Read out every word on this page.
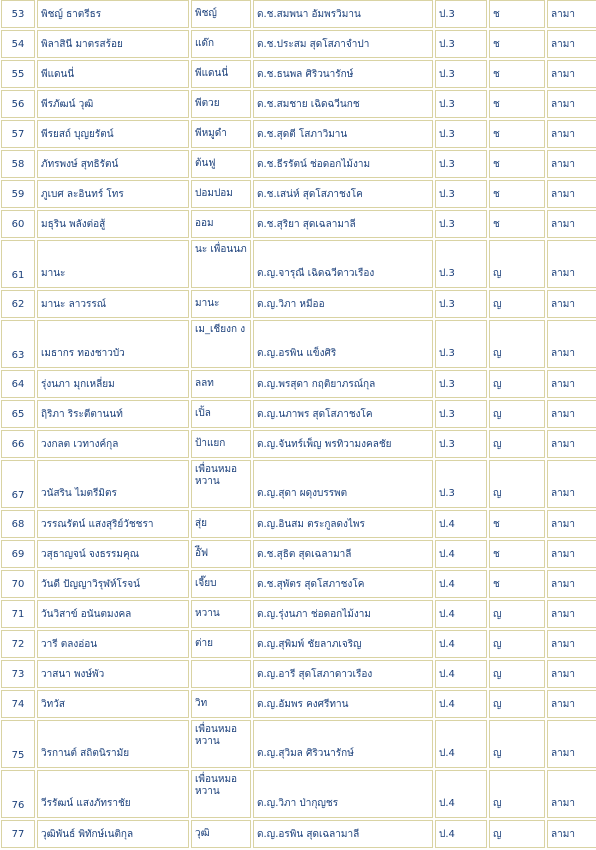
53	พิชญ์ ธาตรีธร	พิชญ์	ด.ช.สมพนา อัมพรวิมาน	ป.3	ช	ลามา
54	พิลาสินี มาตรสร้อย	แด๊ก	ด.ช.ประสม สุดโสภาจำปา	ป.3	ช	ลามา
55	พีแดนนี่	พีแดนนี่	ด.ช.ธนพล ศิริวนารักษ์	ป.3	ช	ลามา
56	พีรภัฒน์ วุฒิ	พีตวย	ด.ช.สมชาย เฉิดฉวีนกช	ป.3	ช	ลามา
57	พีรยสถ์ บุญยรัตน์	พีหมูดำ	ด.ช.สุดตี โสภาวิมาน	ป.3	ช	ลามา
58	ภัทรพงษ์ สุทธิรัตน์	ต้นฟู	ด.ช.ธีรรัตน์ ช่อดอกไม้งาม	ป.3	ช	ลามา
59	ภูเบศ ละอินทร์ โทร	ปอมปอม	ด.ช.เสน่ห์ สุดโสภาชงโค	ป.3	ช	ลามา
60	มธุริน พลังต่อสู้	ออม	ด.ช.สุริยา สุดเฉลามาลี	ป.3	ช	ลามา
61	มานะ	นะ เพื่อนนภ	ด.ญ.จารุณี เฉิดฉวีดาวเรือง	ป.3	ญ	ลามา
62	มานะ ลาวรรณ์	มานะ	ด.ญ.วิภา หมีออ	ป.3	ญ	ลามา
63	เมธากร ทองชาวบัว	เม_เชียงก ง	ด.ญ.อรพิน แข็งศิริ	ป.3	ญ	ลามา
64	รุ่งนภา มุกเหลี่ยม	ลลท	ด.ญ.พรสุดา กฤติยาภรณ์กุล	ป.3	ญ	ลามา
65	ฤิริภา ริระตีตานนท์	เปิ้ล	ด.ญ.นภาพร สุดโสภาชงโค	ป.3	ญ	ลามา
66	วงกลต เวทางค์กุล	ป้าแยก	ด.ญ.จันทร์เพ็ญ พรทิวามงคลชัย	ป.3	ญ	ลามา
67	วนัสริน ไมตรีมิตร	เพื่อนหมอ หวาน	ด.ญ.สุดา ผดุงบรรพต	ป.3	ญ	ลามา
68	วรรณรัตน์ แสงสุริย์วัชชรา	สุ่ย	ด.ญ.อินสม ตระกูลดงไพร	ป.4	ช	ลามา
69	วสุธาญจน์ จงธรรมคุณ	อ๊ีฟ	ด.ช.สุธิต สุดเฉลามาลี	ป.4	ช	ลามา
70	วันดี ปัญญาวิรุฬห์โรจน์	เจี๊ยบ	ด.ช.สุพัตร สุดโสภาชงโค	ป.4	ช	ลามา
71	วันวิสาข์ อนันตมงคล	หวาน	ด.ญ.รุ่งนภา ช่อดอกไม้งาม	ป.4	ญ	ลามา
72	วารี ตลงอ่อน	ต่าย	ด.ญ.สุพิมพ์ ชัยลาภเจริญ	ป.4	ญ	ลามา
73	วาสนา พงษ์พัว		ด.ญ.อารี สุดโสภาดาวเรือง	ป.4	ญ	ลามา
74	วิทวัส	วิท	ด.ญ.อัมพร คงศรีทาน	ป.4	ญ	ลามา
75	วิรกานต์ สถิตนิรามัย	เพื่อนหมอ หวาน	ด.ญ.สุวิมล ศิริวนารักษ์	ป.4	ญ	ลามา
76	วีรรัฒน์ แสงภัทราชัย	เพื่อนหมอ หวาน	ด.ญ.วิภา ป่ากุญชร	ป.4	ญ	ลามา
77	วุฒิพันธ์ พิทักษ์เนติกุล	วุฒิ	ด.ญ.อรพิน สุดเฉลามาลี	ป.4	ญ	ลามา
